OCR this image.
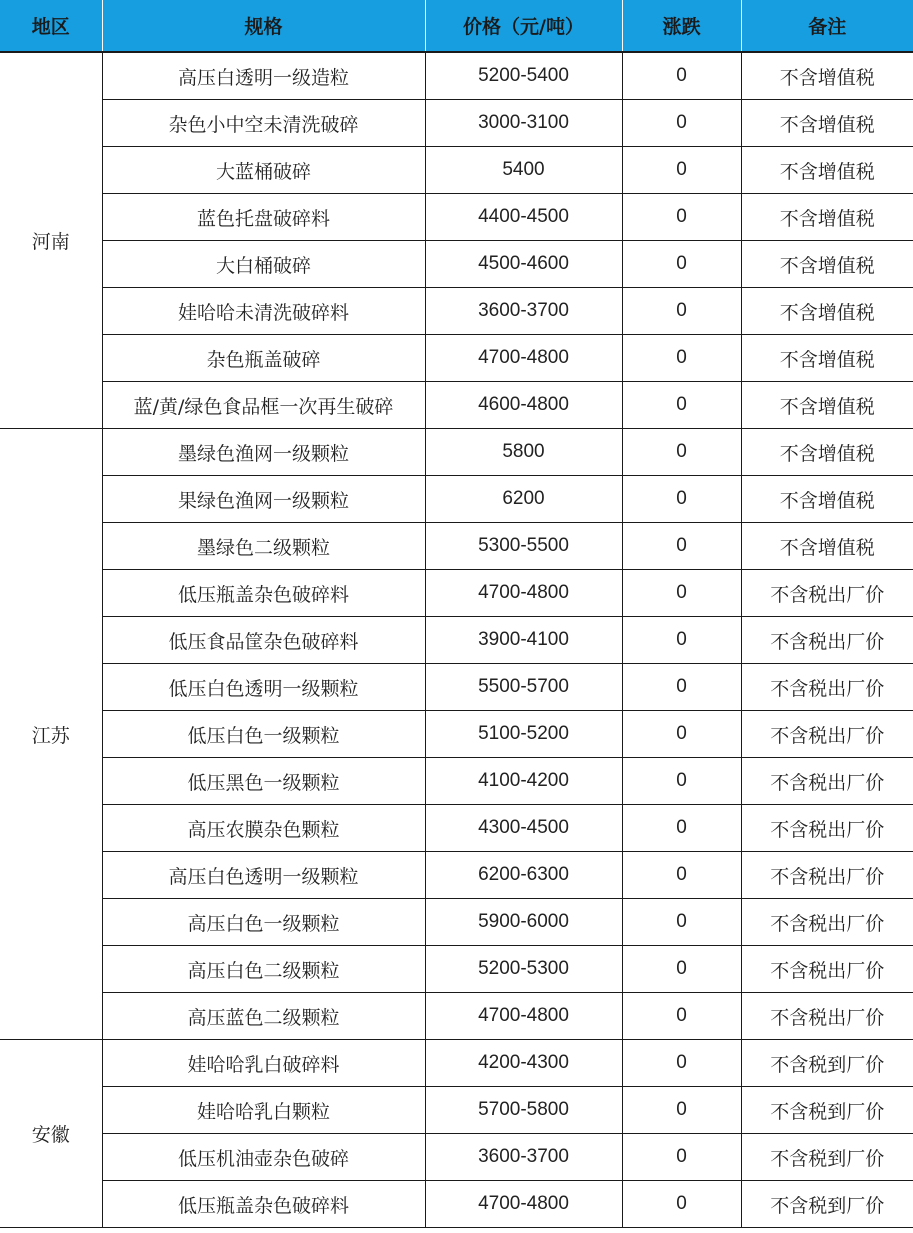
地区	规格	价格（元/吨）	涨跌	备注
河南	高压白透明一级造粒	5200-5400	0	不含增值税
	杂色小中空未清洗破碎	3000-3100	0	不含增值税
	大蓝桶破碎	5400	0	不含增值税
	蓝色托盘破碎料	4400-4500	0	不含增值税
	大白桶破碎	4500-4600	0	不含增值税
	娃哈哈未清洗破碎料	3600-3700	0	不含增值税
	杂色瓶盖破碎	4700-4800	0	不含增值税
	蓝/黄/绿色食品框一次再生破碎	4600-4800	0	不含增值税
江苏	墨绿色渔网一级颗粒	5800	0	不含增值税
	果绿色渔网一级颗粒	6200	0	不含增值税
	墨绿色二级颗粒	5300-5500	0	不含增值税
	低压瓶盖杂色破碎料	4700-4800	0	不含税出厂价
	低压食品筐杂色破碎料	3900-4100	0	不含税出厂价
	低压白色透明一级颗粒	5500-5700	0	不含税出厂价
	低压白色一级颗粒	5100-5200	0	不含税出厂价
	低压黑色一级颗粒	4100-4200	0	不含税出厂价
	高压农膜杂色颗粒	4300-4500	0	不含税出厂价
	高压白色透明一级颗粒	6200-6300	0	不含税出厂价
	高压白色一级颗粒	5900-6000	0	不含税出厂价
	高压白色二级颗粒	5200-5300	0	不含税出厂价
	高压蓝色二级颗粒	4700-4800	0	不含税出厂价
安徽	娃哈哈乳白破碎料	4200-4300	0	不含税到厂价
	娃哈哈乳白颗粒	5700-5800	0	不含税到厂价
	低压机油壶杂色破碎	3600-3700	0	不含税到厂价
	低压瓶盖杂色破碎料	4700-4800	0	不含税到厂价
